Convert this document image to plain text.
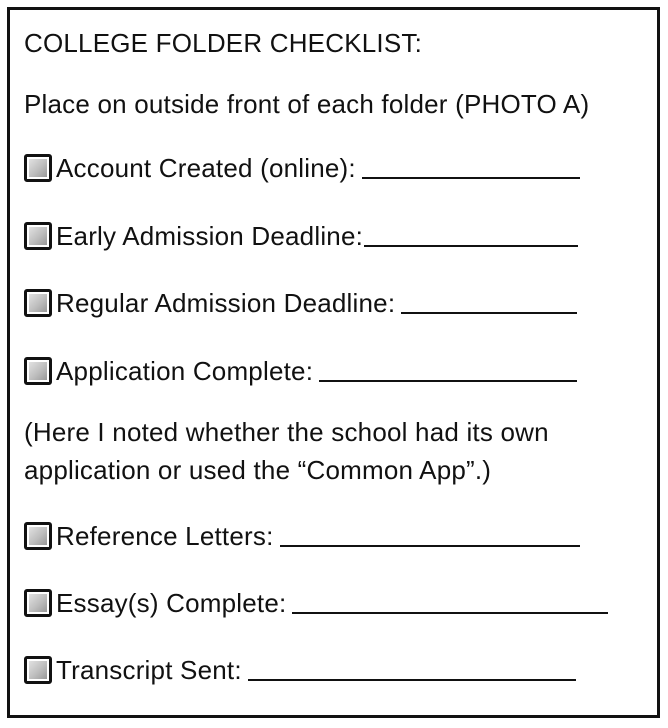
COLLEGE FOLDER CHECKLIST:
Place on outside front of each folder (PHOTO A)
Account Created (online):
Early Admission Deadline:
Regular Admission Deadline:
Application Complete:
(Here I noted whether the school had its own application or used the “Common App”.)
Reference Letters:
Essay(s) Complete:
Transcript Sent:
